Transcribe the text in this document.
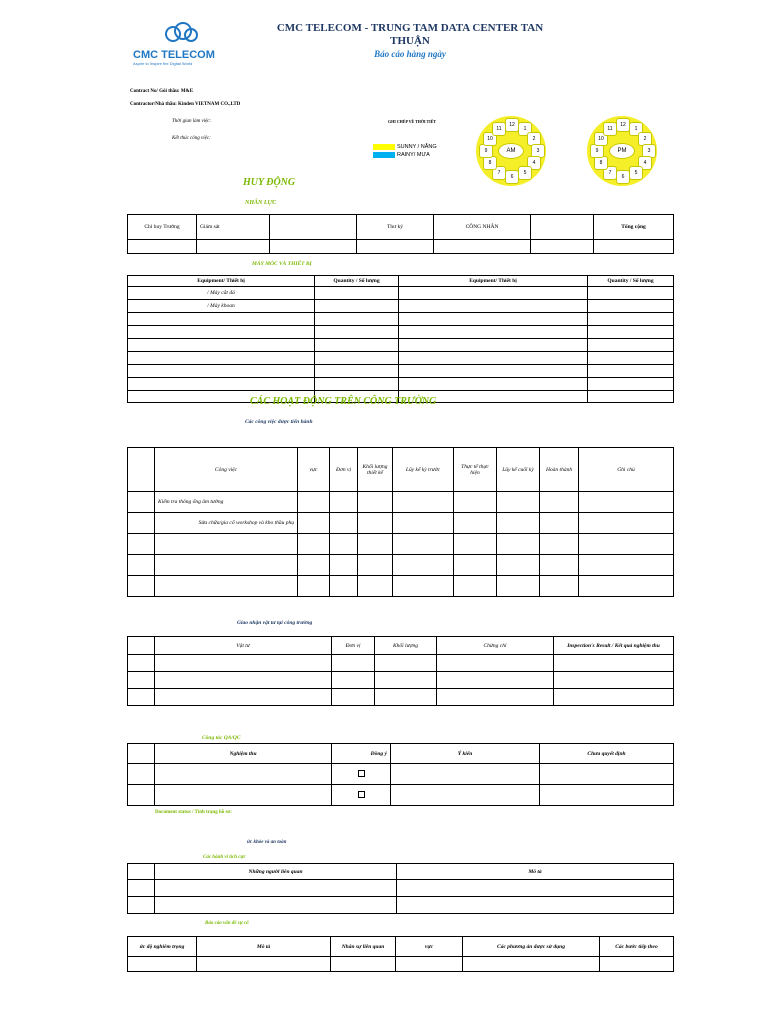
CMC TELECOM
Aspire to Inspire the Digital World
CMC TELECOM - TRUNG TAM DATA CENTER TAN
THUẬN
Báo cáo hàng ngày
Contract No/ Gói thầu: M&E
Contractor/Nhà thầu: Kinden VIETNAM CO.,LTD
Thời gian làm việc:
Kết thúc công việc:
GHI CHÉP VỀ THỜI TIẾT
SUNNY / NẮNG
RAINY/ MƯA
AM
12
1
2
3
4
5
6
7
8
9
10
11
PM
12
1
2
3
4
5
6
7
8
9
10
11
HUY ĐỘNG
NHÂN LỰC
Chỉ huy Trưởng	Giám sát		Thư ký	CÔNG NHÂN		Tổng cộng

MÁY MÓC VÀ THIẾT BỊ
Equipment/ Thiết bị	Quantity / Số lượng	Equipment/ Thiết bị	Quantity / Số lượng
/ Máy cắt đá			
/ Máy khoan			

CÁC HOẠT ĐỘNG TRÊN CÔNG TRƯỜNG
Các công việc được tiến hành
	Công việc	vực	Đơn vị	Khối lượng thiết kế	Lũy kế kỳ trước	Thực tế thực hiện	Lũy kế cuối kỳ	Hoàn thành	Ghi chú
	Kiểm tra thông ống âm tường								
	Sửa chữa/gia cố workshop và kho thầu phụ								

Giao nhận vật tư tại công trường
	Vật tư	Đơn vị	Khối lượng	Chứng chỉ	Inspection's Result / Kết quả nghiệm thu

Công tác QA/QC
	Nghiệm thu	Đồng ý	Ý kiến	Chưa quyết định

Document status / Tình trạng hồ sơ:
ức khỏe và an toàn
Các hành vi tích cực
	Những người liên quan	Mô tả

Báo cáo vấn đề sự cố
ức độ nghiêm trọng	Mô tả	Nhân sự liên quan	vực	Các phương án được sử dụng	Các bước tiếp theo
